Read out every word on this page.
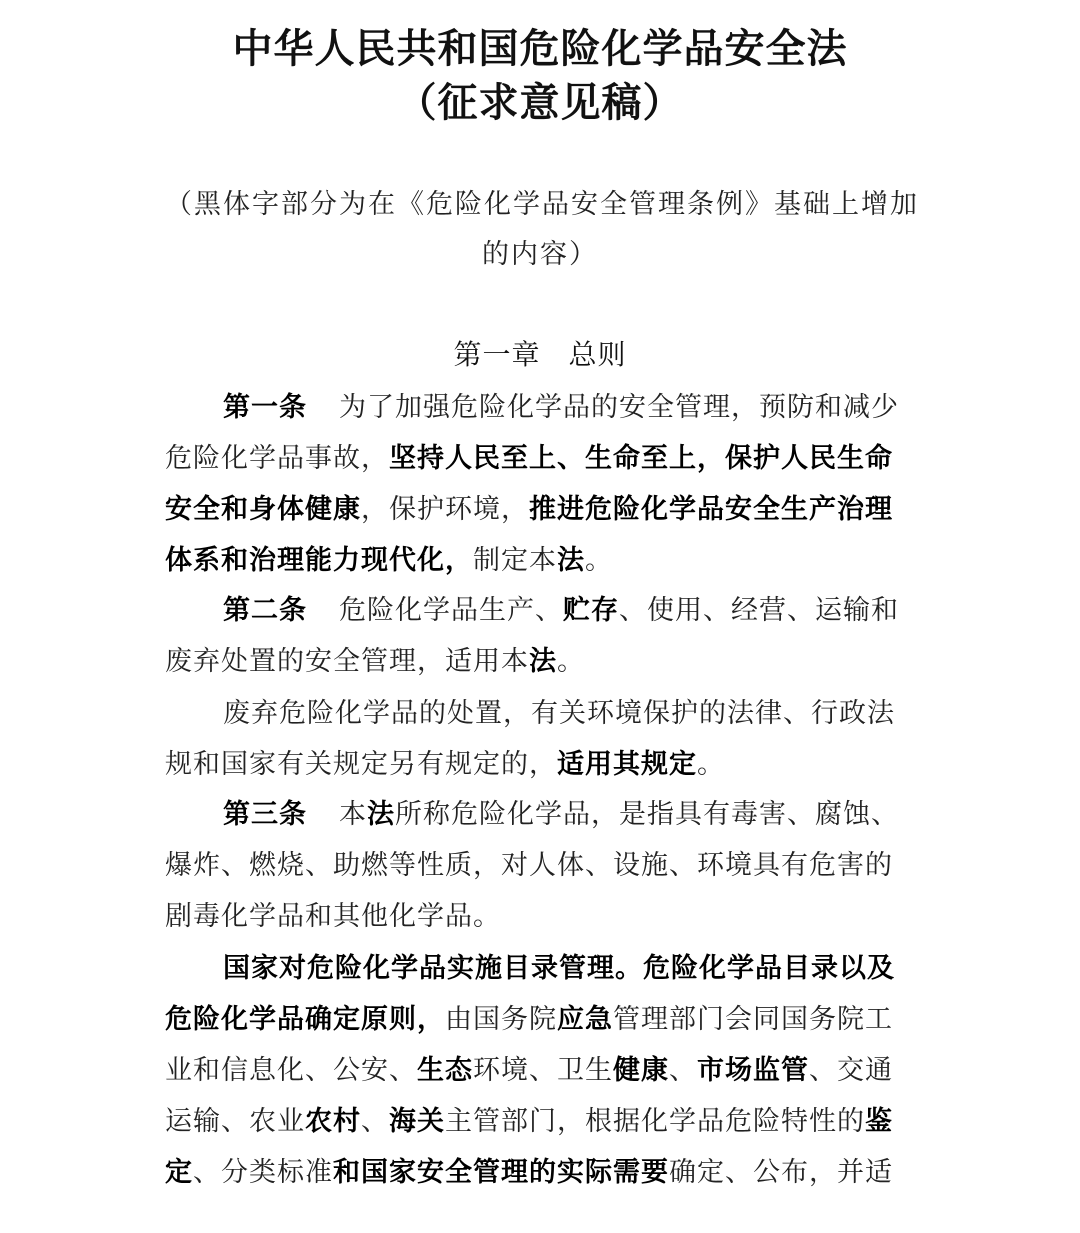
中华人民共和国危险化学品安全法
（征求意见稿）
（黑体字部分为在《危险化学品安全管理条例》基础上增加
的内容）
第一章 总则
第一条 为了加强危险化学品的安全管理，预防和减少
危险化学品事故，坚持人民至上、生命至上，保护人民生命
安全和身体健康，保护环境，推进危险化学品安全生产治理
体系和治理能力现代化，制定本法。
第二条 危险化学品生产、贮存、使用、经营、运输和
废弃处置的安全管理，适用本法。
废弃危险化学品的处置，有关环境保护的法律、行政法
规和国家有关规定另有规定的，适用其规定。
第三条 本法所称危险化学品，是指具有毒害、腐蚀、
爆炸、燃烧、助燃等性质，对人体、设施、环境具有危害的
剧毒化学品和其他化学品。
国家对危险化学品实施目录管理。危险化学品目录以及
危险化学品确定原则，由国务院应急管理部门会同国务院工
业和信息化、公安、生态环境、卫生健康、市场监管、交通
运输、农业农村、海关主管部门，根据化学品危险特性的鉴
定、分类标准和国家安全管理的实际需要确定、公布，并适
